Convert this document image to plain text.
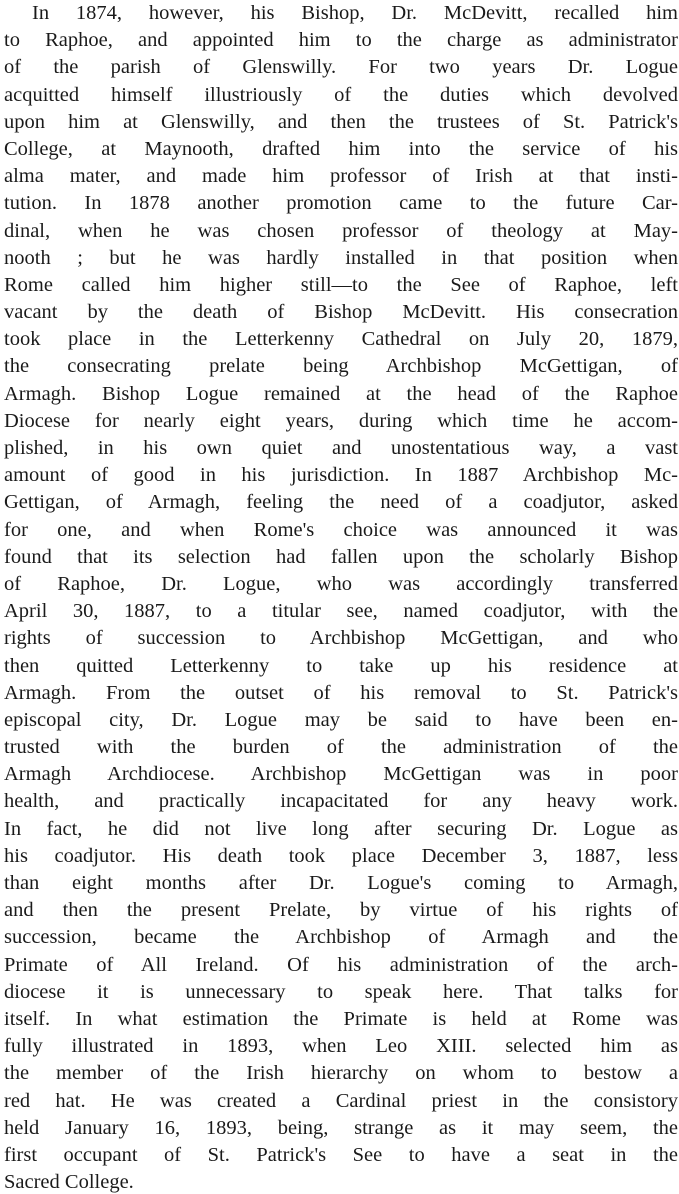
In 1874, however, his Bishop, Dr. McDevitt, recalled him
to Raphoe, and appointed him to the charge as administrator
of the parish of Glenswilly. For two years Dr. Logue
acquitted himself illustriously of the duties which devolved
upon him at Glenswilly, and then the trustees of St. Patrick's
College, at Maynooth, drafted him into the service of his
alma mater, and made him professor of Irish at that insti-
tution. In 1878 another promotion came to the future Car-
dinal, when he was chosen professor of theology at May-
nooth ; but he was hardly installed in that position when
Rome called him higher still—to the See of Raphoe, left
vacant by the death of Bishop McDevitt. His consecration
took place in the Letterkenny Cathedral on July 20, 1879,
the consecrating prelate being Archbishop McGettigan, of
Armagh. Bishop Logue remained at the head of the Raphoe
Diocese for nearly eight years, during which time he accom-
plished, in his own quiet and unostentatious way, a vast
amount of good in his jurisdiction. In 1887 Archbishop Mc-
Gettigan, of Armagh, feeling the need of a coadjutor, asked
for one, and when Rome's choice was announced it was
found that its selection had fallen upon the scholarly Bishop
of Raphoe, Dr. Logue, who was accordingly transferred
April 30, 1887, to a titular see, named coadjutor, with the
rights of succession to Archbishop McGettigan, and who
then quitted Letterkenny to take up his residence at
Armagh. From the outset of his removal to St. Patrick's
episcopal city, Dr. Logue may be said to have been en-
trusted with the burden of the administration of the
Armagh Archdiocese. Archbishop McGettigan was in poor
health, and practically incapacitated for any heavy work.
In fact, he did not live long after securing Dr. Logue as
his coadjutor. His death took place December 3, 1887, less
than eight months after Dr. Logue's coming to Armagh,
and then the present Prelate, by virtue of his rights of
succession, became the Archbishop of Armagh and the
Primate of All Ireland. Of his administration of the arch-
diocese it is unnecessary to speak here. That talks for
itself. In what estimation the Primate is held at Rome was
fully illustrated in 1893, when Leo XIII. selected him as
the member of the Irish hierarchy on whom to bestow a
red hat. He was created a Cardinal priest in the consistory
held January 16, 1893, being, strange as it may seem, the
first occupant of St. Patrick's See to have a seat in the
Sacred College.
